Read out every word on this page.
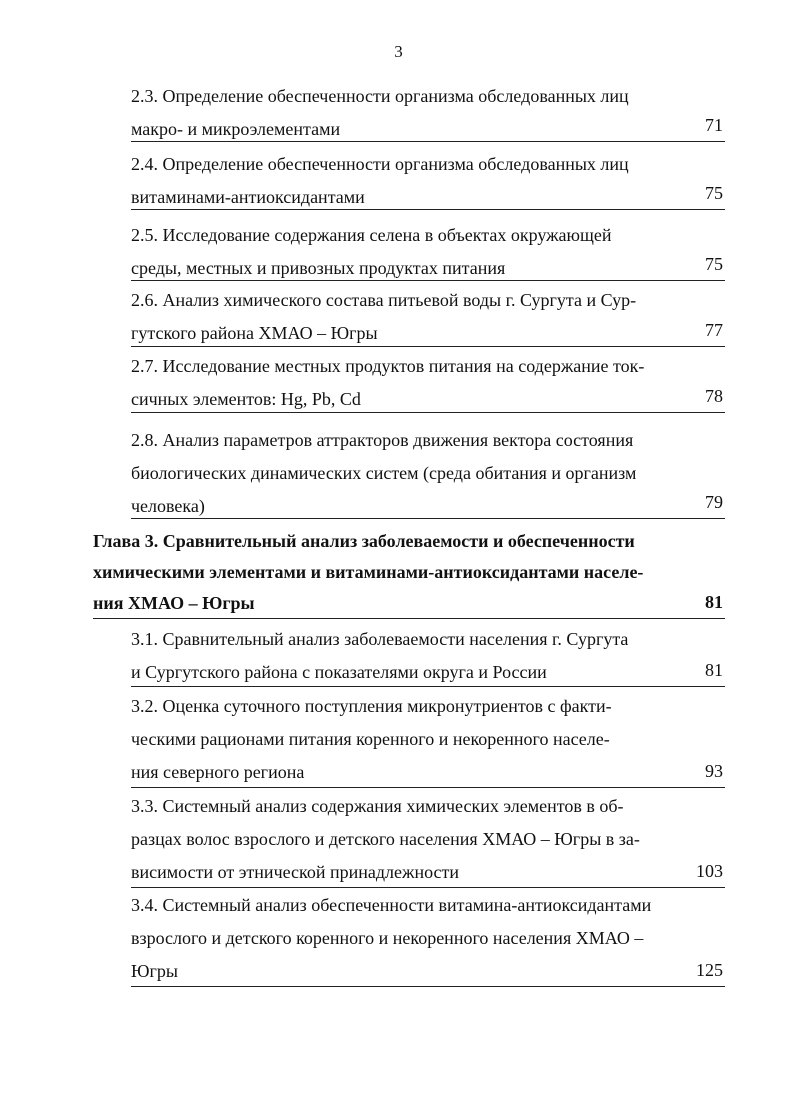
3
2.3. Определение обеспеченности организма обследованных лиц
макро- и микроэлементами	71
2.4. Определение обеспеченности организма обследованных лиц
витаминами-антиоксидантами	75
2.5. Исследование содержания селена в объектах окружающей
среды, местных и привозных продуктах питания	75
2.6. Анализ химического состава питьевой воды г. Сургута и Сур-
гутского района ХМАО – Югры	77
2.7. Исследование местных продуктов питания на содержание ток-
сичных элементов: Hg, Pb, Cd	78
2.8. Анализ параметров аттракторов движения вектора состояния
биологических динамических систем (среда обитания и организм
человека)	79
Глава 3. Сравнительный анализ заболеваемости и обеспеченности
химическими элементами и витаминами-антиоксидантами населе-
ния ХМАО – Югры	81
3.1. Сравнительный анализ заболеваемости населения г. Сургута
и Сургутского района с показателями округа и России	81
3.2. Оценка суточного поступления микронутриентов с факти-
ческими рационами питания коренного и некоренного населе-
ния северного региона	93
3.3. Системный анализ содержания химических элементов в об-
разцах волос взрослого и детского населения ХМАО – Югры в за-
висимости от этнической принадлежности	103
3.4. Системный анализ обеспеченности витамина-антиоксидантами
взрослого и детского коренного и некоренного населения ХМАО –
Югры	125
